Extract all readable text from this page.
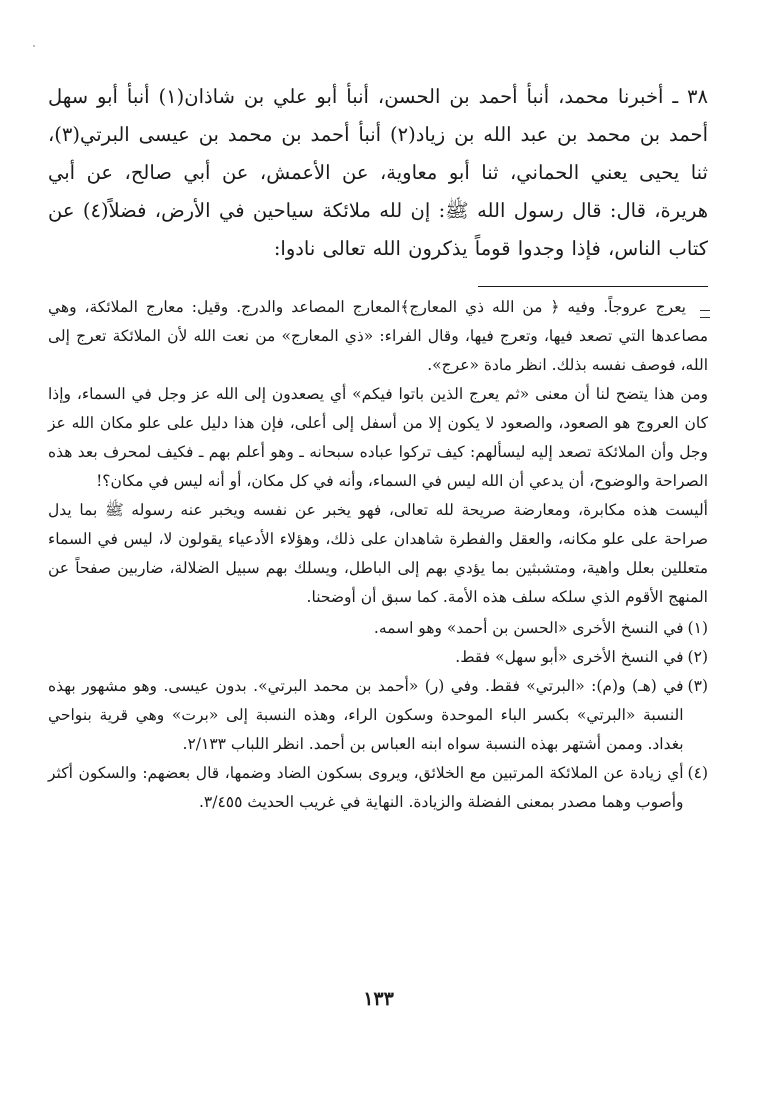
٣٨ ـ أخبرنا محمد، أنبأ أحمد بن الحسن، أنبأ أبو علي بن شاذان(١) أنبأ أبو سهل أحمد بن محمد بن عبد الله بن زياد(٢) أنبأ أحمد بن محمد بن عيسى البرتي(٣)، ثنا يحيى يعني الحماني، ثنا أبو معاوية، عن الأعمش، عن أبي صالح، عن أبي هريرة، قال: قال رسول الله ﷺ: إن لله ملائكة سياحين في الأرض، فضلاً(٤) عن كتاب الناس، فإذا وجدوا قوماً يذكرون الله تعالى نادوا:

يعرج عروجاً. وفيه ﴿ من الله ذي المعارج﴾المعارج المصاعد والدرج. وقيل: معارج الملائكة، وهي مصاعدها التي تصعد فيها، وتعرج فيها، وقال الفراء: «ذي المعارج» من نعت الله لأن الملائكة تعرج إلى الله، فوصف نفسه بذلك. انظر مادة «عرج».

ومن هذا يتضح لنا أن معنى «ثم يعرج الذين باتوا فيكم» أي يصعدون إلى الله عز وجل في السماء، وإذا كان العروج هو الصعود، والصعود لا يكون إلا من أسفل إلى أعلى، فإن هذا دليل على علو مكان الله عز وجل وأن الملائكة تصعد إليه ليسألهم: كيف تركوا عباده سبحانه ـ وهو أعلم بهم ـ فكيف لمحرف بعد هذه الصراحة والوضوح، أن يدعي أن الله ليس في السماء، وأنه في كل مكان، أو أنه ليس في مكان؟!

أليست هذه مكابرة، ومعارضة صريحة لله تعالى، فهو يخبر عن نفسه ويخبر عنه رسوله ﷺ بما يدل صراحة على علو مكانه، والعقل والفطرة شاهدان على ذلك، وهؤلاء الأدعياء يقولون لا، ليس في السماء متعللين بعلل واهية، ومتشبثين بما يؤدي بهم إلى الباطل، ويسلك بهم سبيل الضلالة، ضاربين صفحاً عن المنهج الأقوم الذي سلكه سلف هذه الأمة. كما سبق أن أوضحنا.

(١)
في النسخ الأخرى «الحسن بن أحمد» وهو اسمه.
(٢)
في النسخ الأخرى «أبو سهل» فقط.
(٣)
في (هـ) و(م): «البرتي» فقط. وفي (ر) «أحمد بن محمد البرتي». بدون عيسى. وهو مشهور بهذه النسبة «البرتي» بكسر الباء الموحدة وسكون الراء، وهذه النسبة إلى «برت» وهي قرية بنواحي بغداد. وممن أشتهر بهذه النسبة سواه ابنه العباس بن أحمد. انظر اللباب ٢/١٣٣.
(٤)
أي زيادة عن الملائكة المرتبين مع الخلائق، ويروى بسكون الضاد وضمها، قال بعضهم: والسكون أكثر وأصوب وهما مصدر بمعنى الفضلة والزيادة. النهاية في غريب الحديث ٣/٤٥٥.
١٣٣
